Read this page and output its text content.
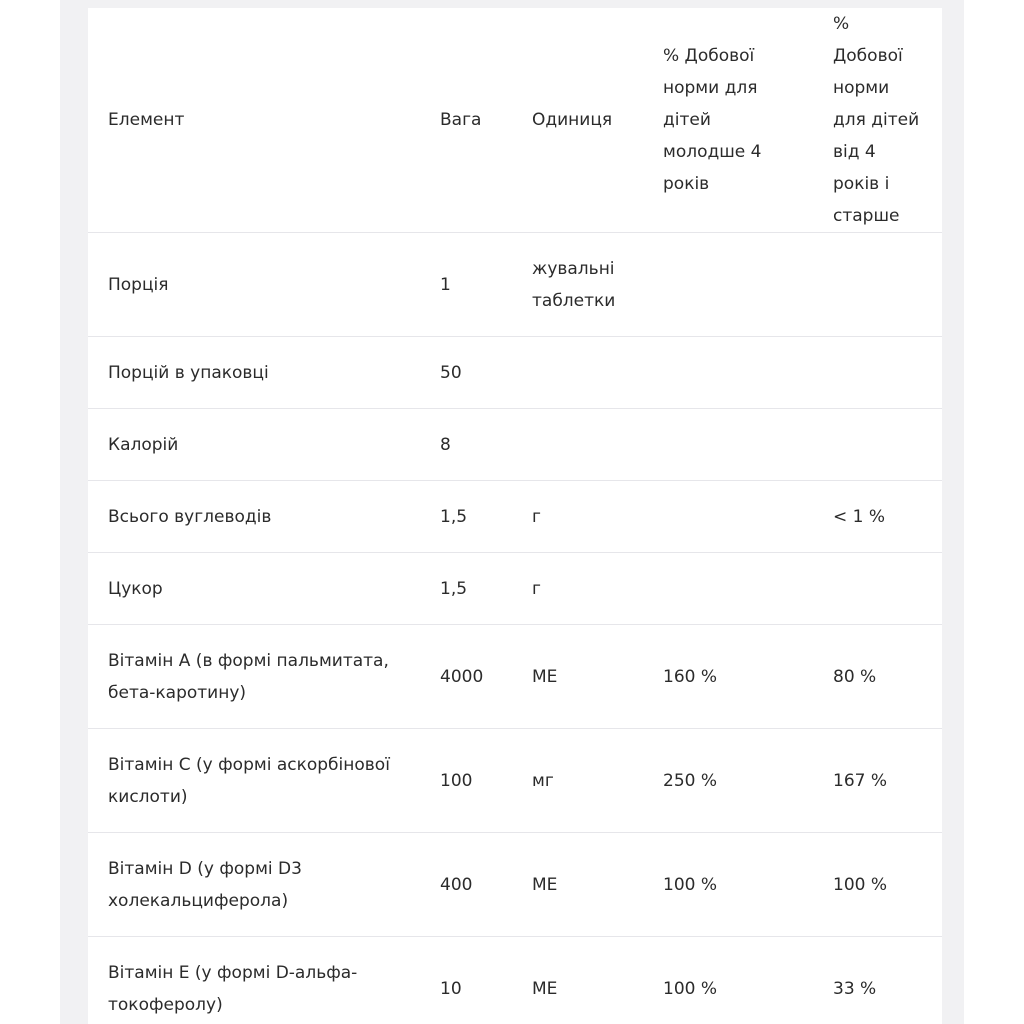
Елемент	Вага	Одиниця	% Добової норми для дітей молодше 4 років	% Добової норми для дітей від 4 років і старше
Порція	1	жувальні таблетки		
Порцій в упаковці	50			
Калорій	8			
Всього вуглеводів	1,5	г		< 1 %
Цукор	1,5	г		
Вітамін А (в формі пальмитата, бета-каротину)	4000	МЕ	160 %	80 %
Вітамін C (у формі аскорбінової кислоти)	100	мг	250 %	167 %
Вітамін D (у формі D3 холекальциферола)	400	МЕ	100 %	100 %
Вітамін E (у формі D-альфа-токоферолу)	10	МЕ	100 %	33 %
